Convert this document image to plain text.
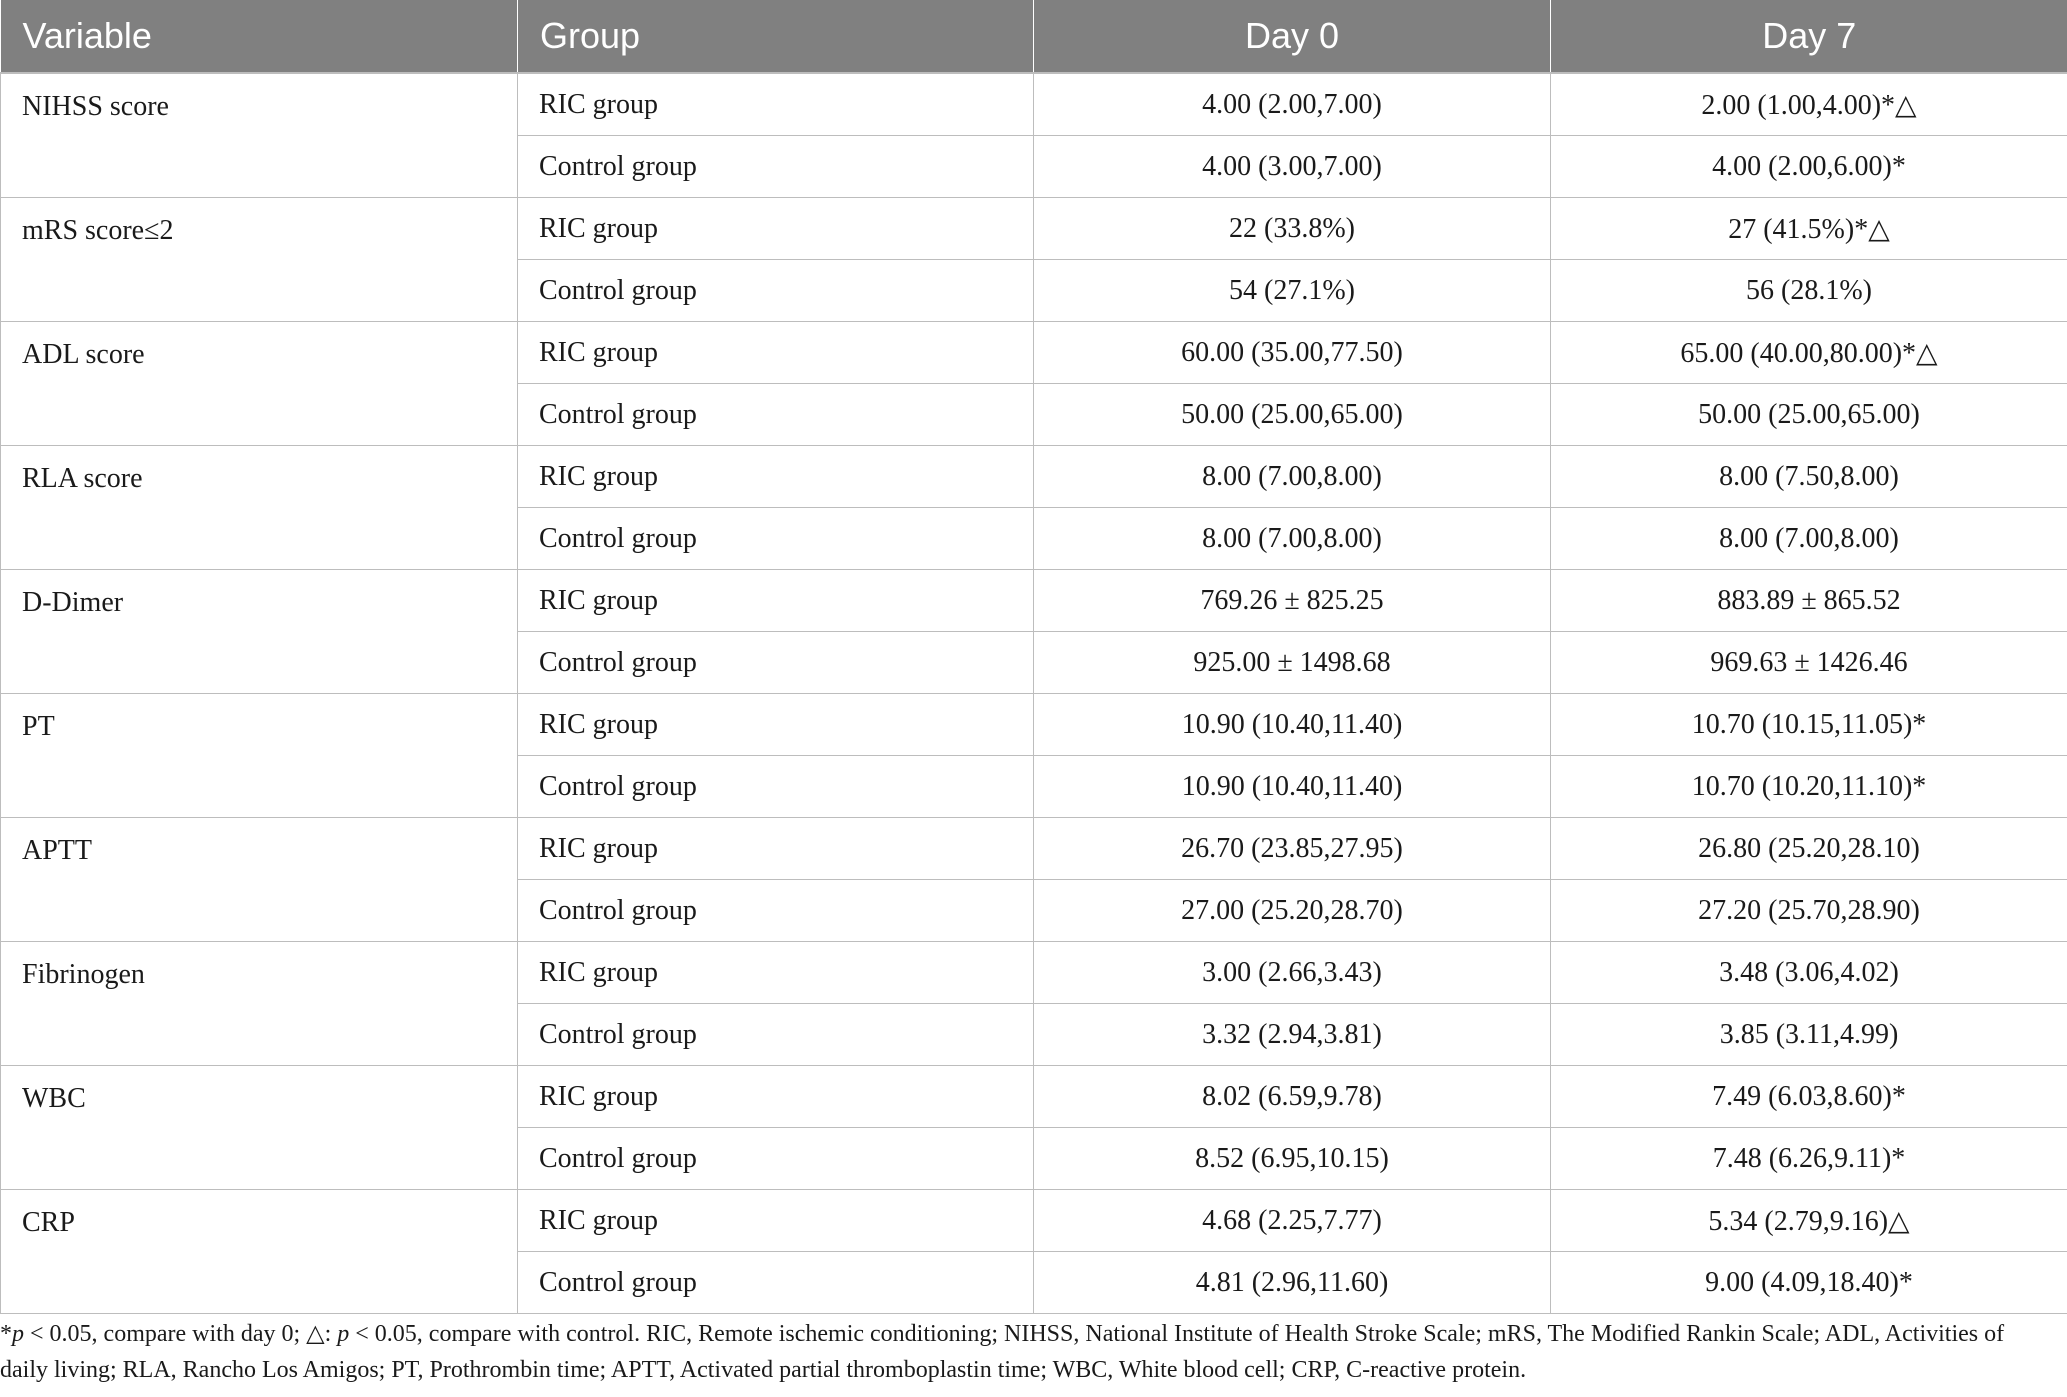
Variable	Group	Day 0	Day 7
NIHSS score	RIC group	4.00 (2.00,7.00)	2.00 (1.00,4.00)*△
	Control group	4.00 (3.00,7.00)	4.00 (2.00,6.00)*
mRS score≤2	RIC group	22 (33.8%)	27 (41.5%)*△
	Control group	54 (27.1%)	56 (28.1%)
ADL score	RIC group	60.00 (35.00,77.50)	65.00 (40.00,80.00)*△
	Control group	50.00 (25.00,65.00)	50.00 (25.00,65.00)
RLA score	RIC group	8.00 (7.00,8.00)	8.00 (7.50,8.00)
	Control group	8.00 (7.00,8.00)	8.00 (7.00,8.00)
D-Dimer	RIC group	769.26 ± 825.25	883.89 ± 865.52
	Control group	925.00 ± 1498.68	969.63 ± 1426.46
PT	RIC group	10.90 (10.40,11.40)	10.70 (10.15,11.05)*
	Control group	10.90 (10.40,11.40)	10.70 (10.20,11.10)*
APTT	RIC group	26.70 (23.85,27.95)	26.80 (25.20,28.10)
	Control group	27.00 (25.20,28.70)	27.20 (25.70,28.90)
Fibrinogen	RIC group	3.00 (2.66,3.43)	3.48 (3.06,4.02)
	Control group	3.32 (2.94,3.81)	3.85 (3.11,4.99)
WBC	RIC group	8.02 (6.59,9.78)	7.49 (6.03,8.60)*
	Control group	8.52 (6.95,10.15)	7.48 (6.26,9.11)*
CRP	RIC group	4.68 (2.25,7.77)	5.34 (2.79,9.16)△
	Control group	4.81 (2.96,11.60)	9.00 (4.09,18.40)*
*p < 0.05, compare with day 0; △: p < 0.05, compare with control. RIC, Remote ischemic conditioning; NIHSS, National Institute of Health Stroke Scale; mRS, The Modified Rankin Scale; ADL, Activities of daily living; RLA, Rancho Los Amigos; PT, Prothrombin time; APTT, Activated partial thromboplastin time; WBC, White blood cell; CRP, C-reactive protein.
